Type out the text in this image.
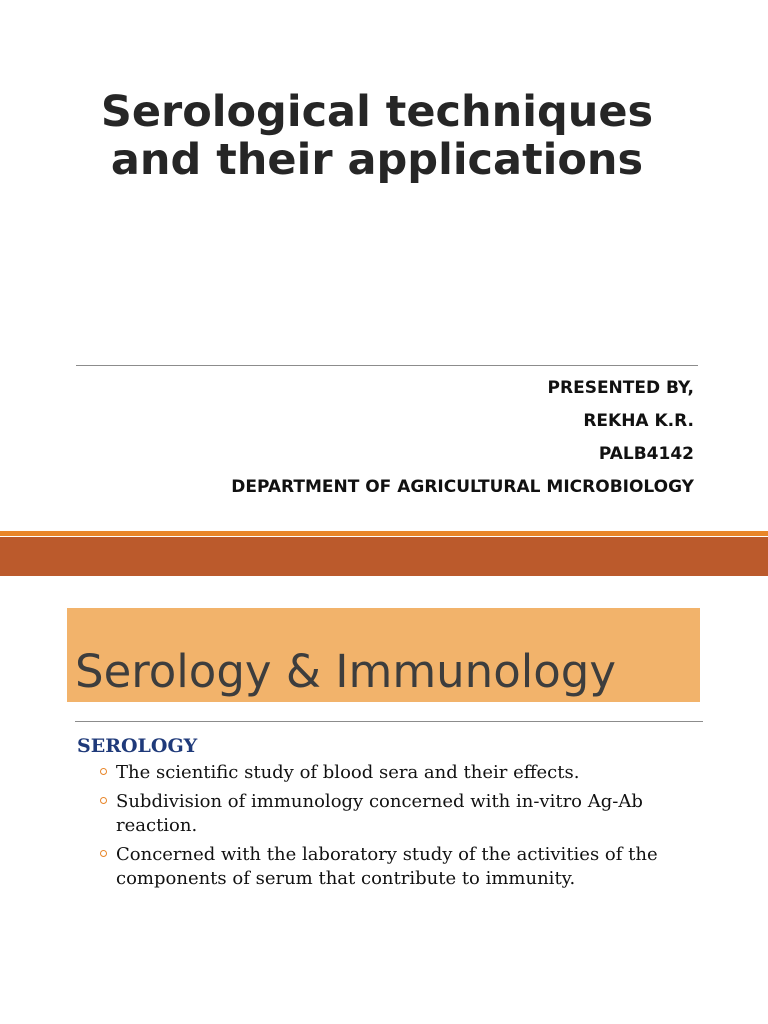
Serological techniques
and their applications
PRESENTED BY,
REKHA K.R.
PALB4142
DEPARTMENT OF AGRICULTURAL MICROBIOLOGY
Serology & Immunology
SEROLOGY
The scientific study of blood sera and their effects.
Subdivision of immunology concerned with in-vitro Ag-Ab reaction.
Concerned with the laboratory study of the activities of the components of serum that contribute to immunity.
